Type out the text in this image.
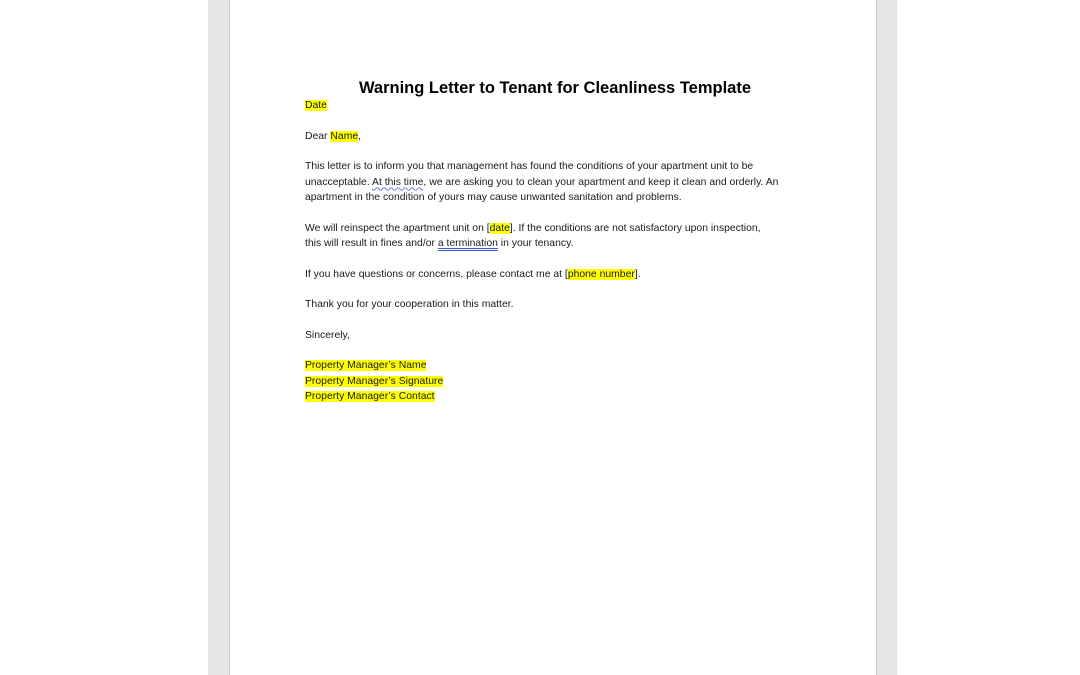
Warning Letter to Tenant for Cleanliness Template

Date

Dear Name,

This letter is to inform you that management has found the conditions of your apartment unit to be

unacceptable. At this time, we are asking you to clean your apartment and keep it clean and orderly. An

apartment in the condition of yours may cause unwanted sanitation and problems.

We will reinspect the apartment unit on [date]. If the conditions are not satisfactory upon inspection,

this will result in fines and/or a termination in your tenancy.

If you have questions or concerns, please contact me at [phone number].

Thank you for your cooperation in this matter.

Sincerely,

Property Manager’s Name

Property Manager’s Signature

Property Manager’s Contact
